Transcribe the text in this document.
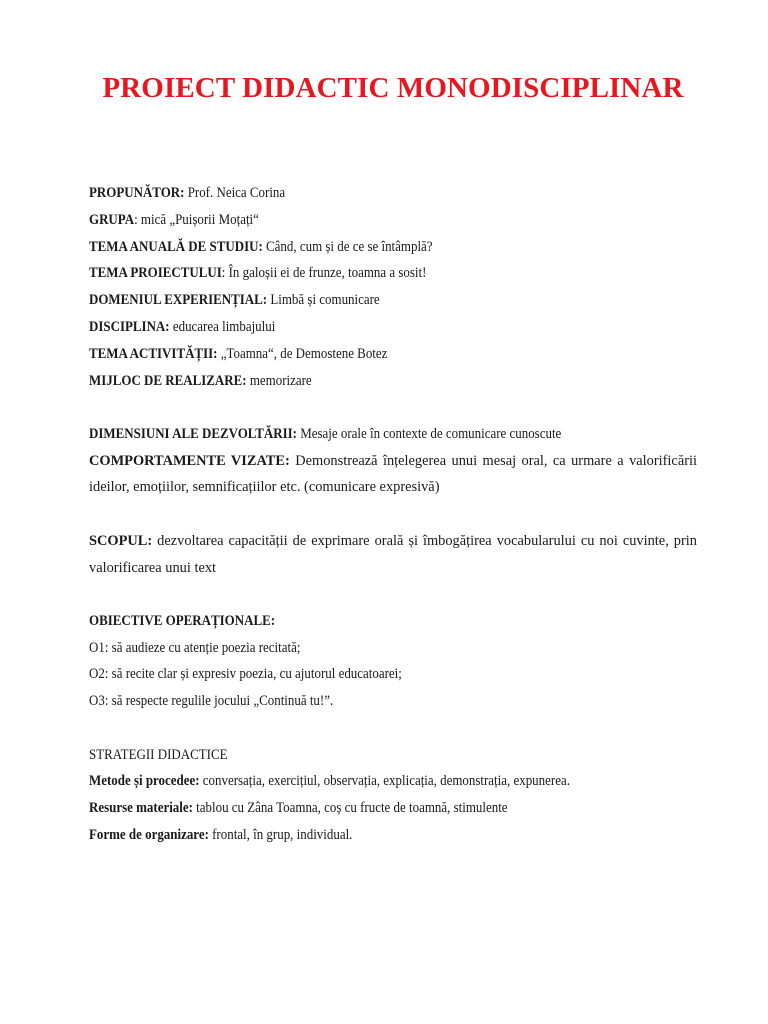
PROIECT DIDACTIC MONODISCIPLINAR
PROPUNĂTOR: Prof. Neica Corina
GRUPA: mică „Puișorii Moțați“
TEMA ANUALĂ DE STUDIU: Când, cum și de ce se întâmplă?
TEMA PROIECTULUI: În galoșii ei de frunze, toamna a sosit!
DOMENIUL EXPERIENȚIAL: Limbă și comunicare
DISCIPLINA: educarea limbajului
TEMA ACTIVITĂȚII: „Toamna“, de Demostene Botez
MIJLOC DE REALIZARE: memorizare
DIMENSIUNI ALE DEZVOLTĂRII: Mesaje orale în contexte de comunicare cunoscute

COMPORTAMENTE VIZATE: Demonstrează înțelegerea unui mesaj oral, ca urmare a valorificării ideilor, emoțiilor, semnificațiilor etc. (comunicare expresivă)

SCOPUL: dezvoltarea capacității de exprimare orală și îmbogățirea vocabularului cu noi cuvinte, prin valorificarea unui text

OBIECTIVE OPERAȚIONALE:
O1: să audieze cu atenție poezia recitată;
O2: să recite clar și expresiv poezia, cu ajutorul educatoarei;
O3: să respecte regulile jocului „Continuă tu!”.
STRATEGII DIDACTICE
Metode și procedee: conversația, exercițiul, observația, explicația, demonstrația, expunerea.
Resurse materiale: tablou cu Zâna Toamna, coș cu fructe de toamnă, stimulente
Forme de organizare: frontal, în grup, individual.
